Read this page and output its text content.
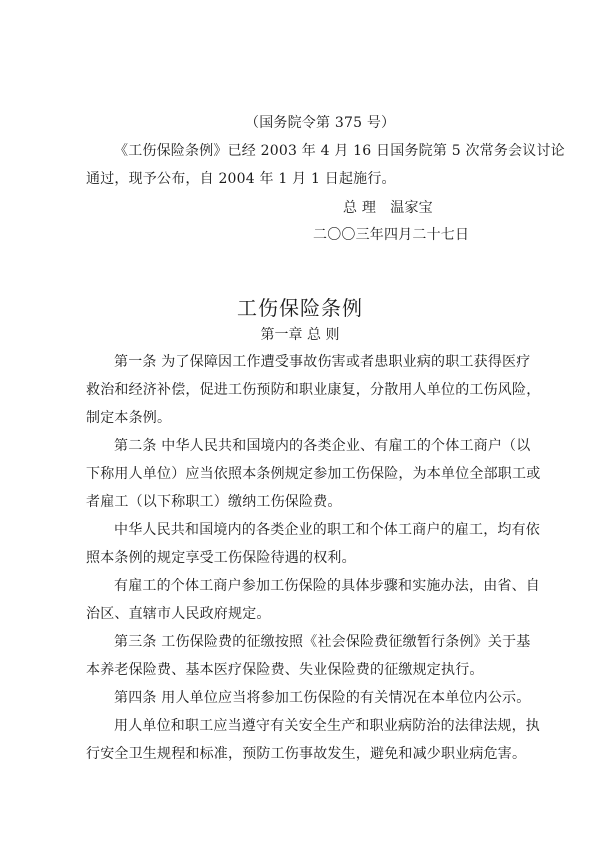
（国务院令第 375 号）
《工伤保险条例》已经 2003 年 4 月 16 日国务院第 5 次常务会议讨论
通过，现予公布，自 2004 年 1 月 1 日起施行。
总 理　温家宝
二〇〇三年四月二十七日
工伤保险条例
第一章 总 则
第一条 为了保障因工作遭受事故伤害或者患职业病的职工获得医疗
救治和经济补偿，促进工伤预防和职业康复，分散用人单位的工伤风险，
制定本条例。
第二条 中华人民共和国境内的各类企业、有雇工的个体工商户（以
下称用人单位）应当依照本条例规定参加工伤保险，为本单位全部职工或
者雇工（以下称职工）缴纳工伤保险费。
中华人民共和国境内的各类企业的职工和个体工商户的雇工，均有依
照本条例的规定享受工伤保险待遇的权利。
有雇工的个体工商户参加工伤保险的具体步骤和实施办法，由省、自
治区、直辖市人民政府规定。
第三条 工伤保险费的征缴按照《社会保险费征缴暂行条例》关于基
本养老保险费、基本医疗保险费、失业保险费的征缴规定执行。
第四条 用人单位应当将参加工伤保险的有关情况在本单位内公示。
用人单位和职工应当遵守有关安全生产和职业病防治的法律法规，执
行安全卫生规程和标准，预防工伤事故发生，避免和减少职业病危害。
